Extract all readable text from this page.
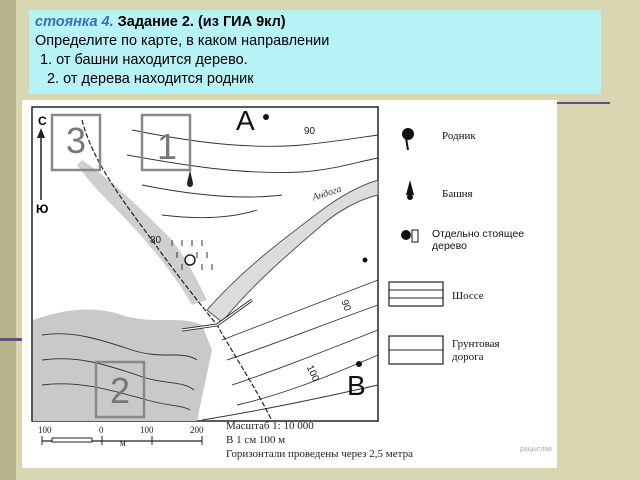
стоянка 4. Задание 2. (из ГИА 9кл)
Определите по карте, в каком направлении
1. от башни находится дерево.
2. от дерева находится родник
3 1
2
А
В
С
Ю
90
80
90
100
Андога
Родник
Башня
Отдельно стоящее дерево
Шоссе
Грунтовая дорога
100	0	100	200
м
Масштаб 1: 10 000
В 1 см 100 м
Горизонтали проведены через 2,5 метра	рацыслав
